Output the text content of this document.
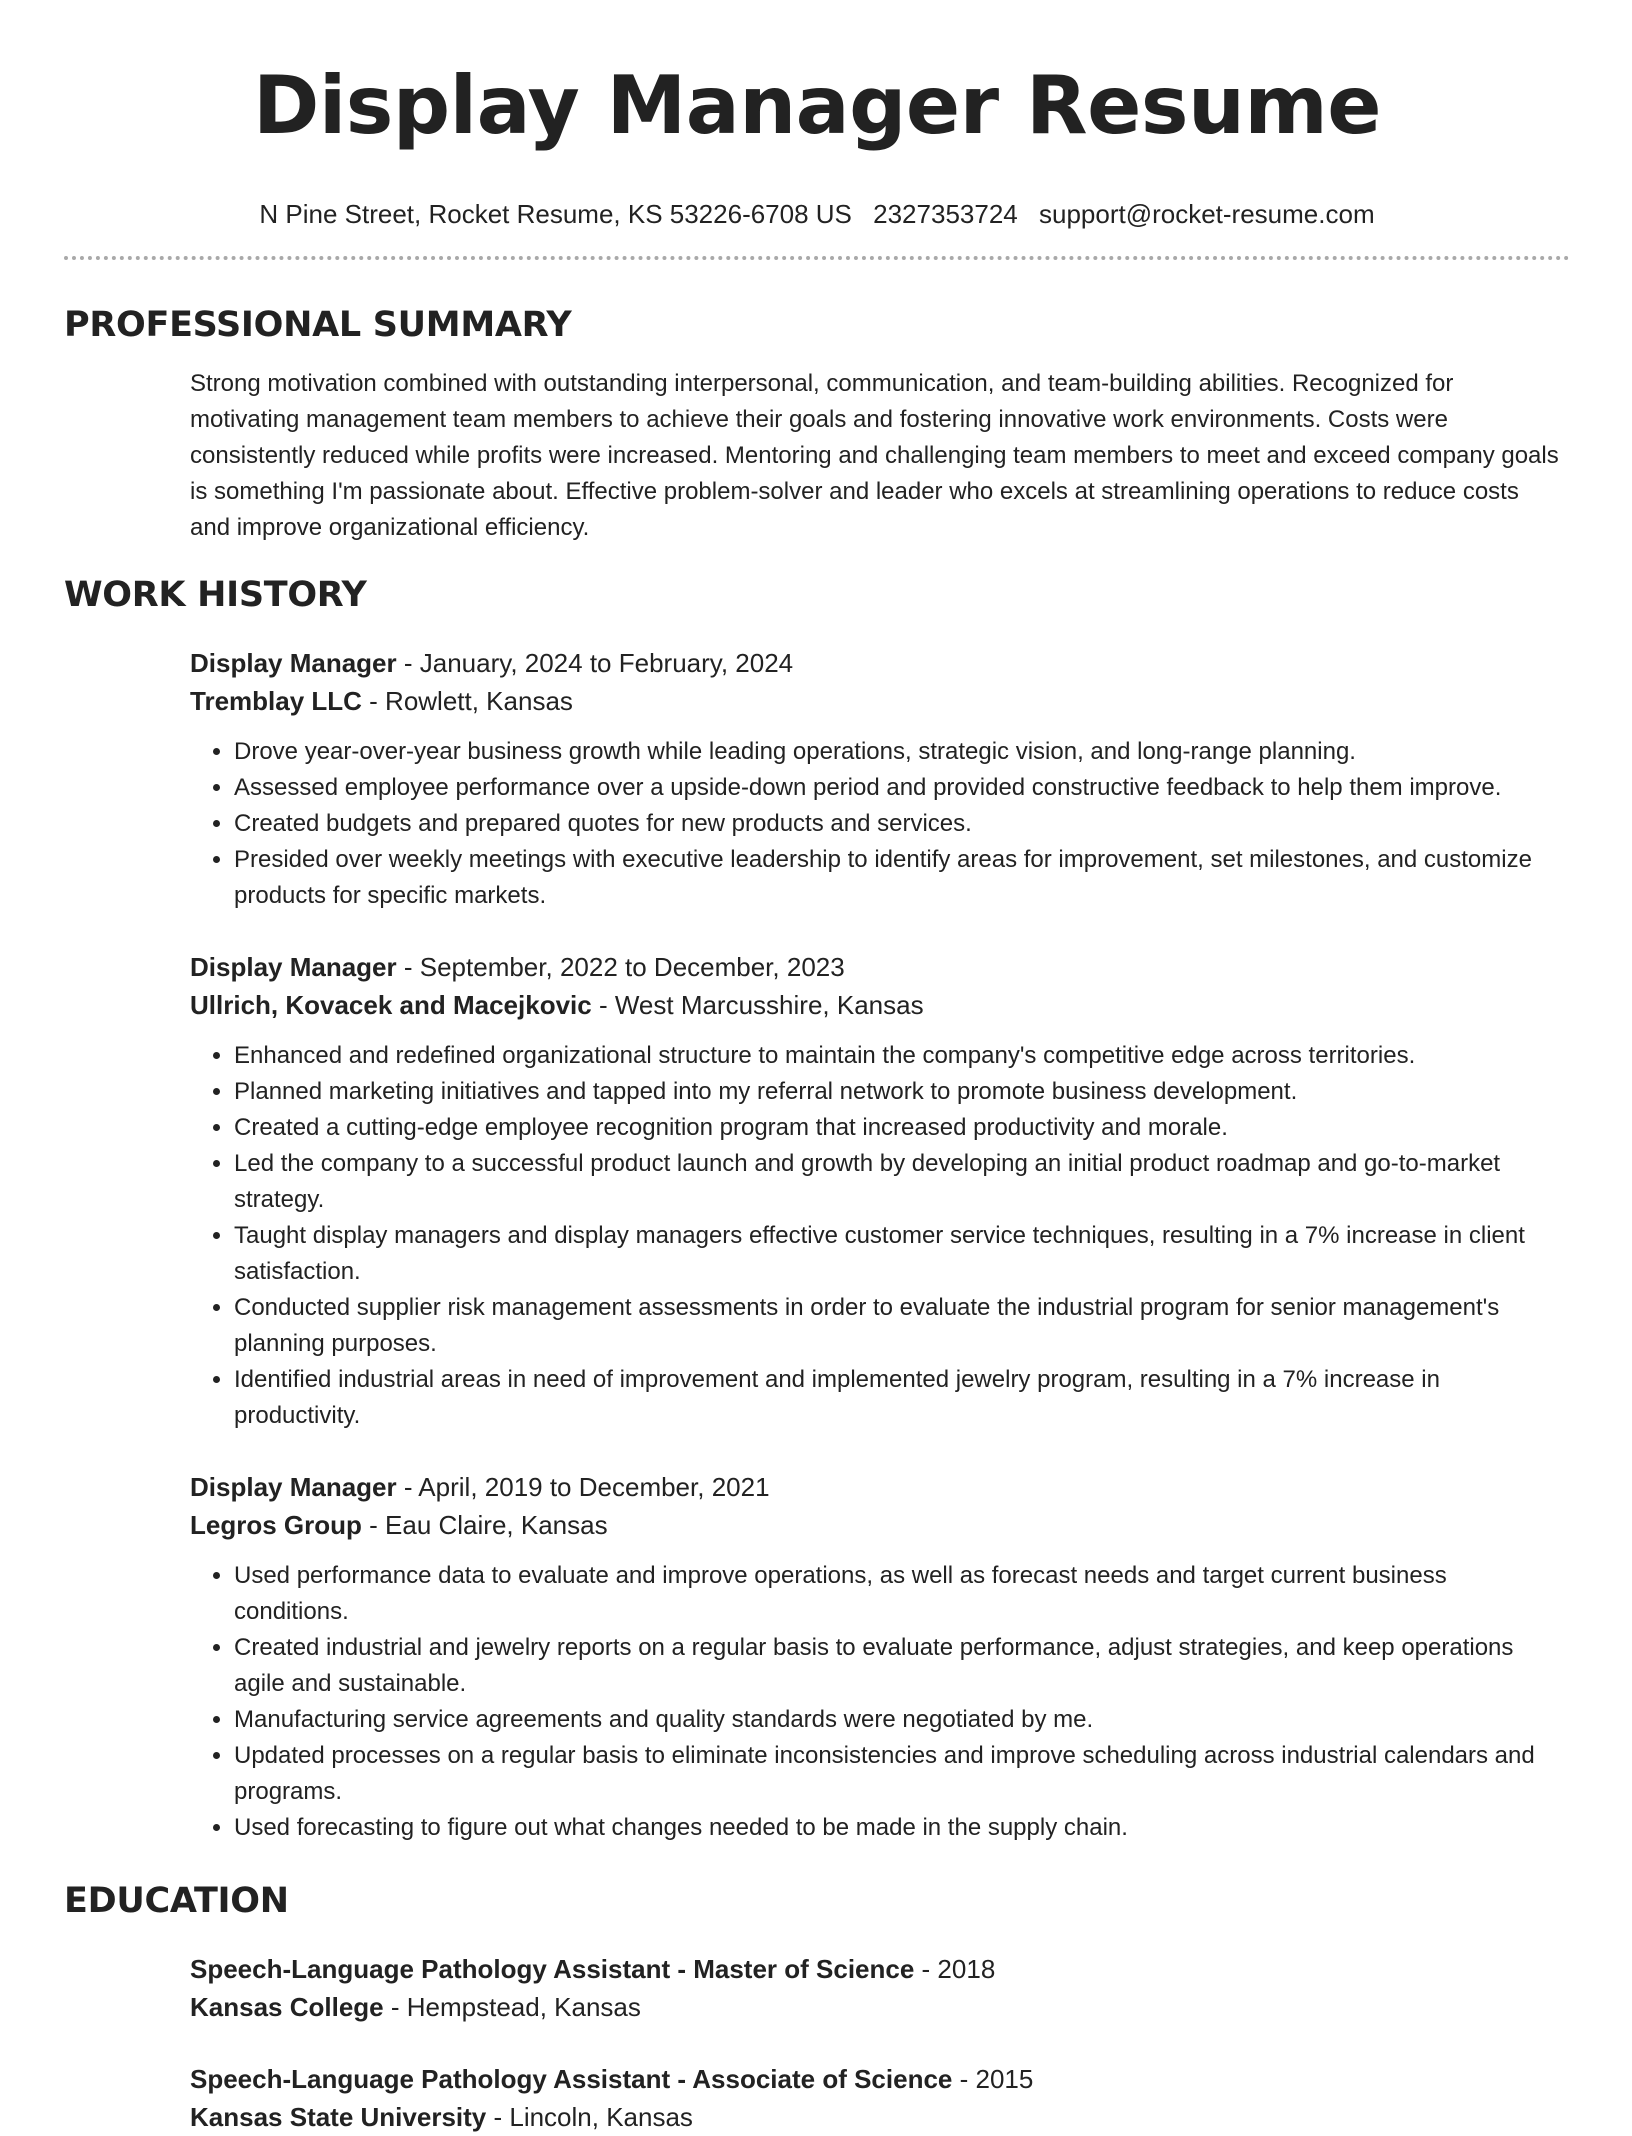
Display Manager Resume
N Pine Street, Rocket Resume, KS 53226-6708 US 2327353724 support@rocket-resume.com
PROFESSIONAL SUMMARY

Strong motivation combined with outstanding interpersonal, communication, and team-building abilities. Recognized for motivating management team members to achieve their goals and fostering innovative work environments. Costs were consistently reduced while profits were increased. Mentoring and challenging team members to meet and exceed company goals is something I'm passionate about. Effective problem-solver and leader who excels at streamlining operations to reduce costs and improve organizational efficiency.

WORK HISTORY
Display Manager - January, 2024 to February, 2024
Tremblay LLC - Rowlett, Kansas
• Drove year-over-year business growth while leading operations, strategic vision, and long-range planning.
• Assessed employee performance over a upside-down period and provided constructive feedback to help them improve.
• Created budgets and prepared quotes for new products and services.
• Presided over weekly meetings with executive leadership to identify areas for improvement, set milestones, and customize products for specific markets.
Display Manager - September, 2022 to December, 2023
Ullrich, Kovacek and Macejkovic - West Marcusshire, Kansas
• Enhanced and redefined organizational structure to maintain the company's competitive edge across territories.
• Planned marketing initiatives and tapped into my referral network to promote business development.
• Created a cutting-edge employee recognition program that increased productivity and morale.
• Led the company to a successful product launch and growth by developing an initial product roadmap and go-to-market strategy.
• Taught display managers and display managers effective customer service techniques, resulting in a 7% increase in client satisfaction.
• Conducted supplier risk management assessments in order to evaluate the industrial program for senior management's planning purposes.
• Identified industrial areas in need of improvement and implemented jewelry program, resulting in a 7% increase in productivity.
Display Manager - April, 2019 to December, 2021
Legros Group - Eau Claire, Kansas
• Used performance data to evaluate and improve operations, as well as forecast needs and target current business conditions.
• Created industrial and jewelry reports on a regular basis to evaluate performance, adjust strategies, and keep operations agile and sustainable.
• Manufacturing service agreements and quality standards were negotiated by me.
• Updated processes on a regular basis to eliminate inconsistencies and improve scheduling across industrial calendars and programs.
• Used forecasting to figure out what changes needed to be made in the supply chain.
EDUCATION
Speech-Language Pathology Assistant - Master of Science - 2018
Kansas College - Hempstead, Kansas
Speech-Language Pathology Assistant - Associate of Science - 2015
Kansas State University - Lincoln, Kansas
